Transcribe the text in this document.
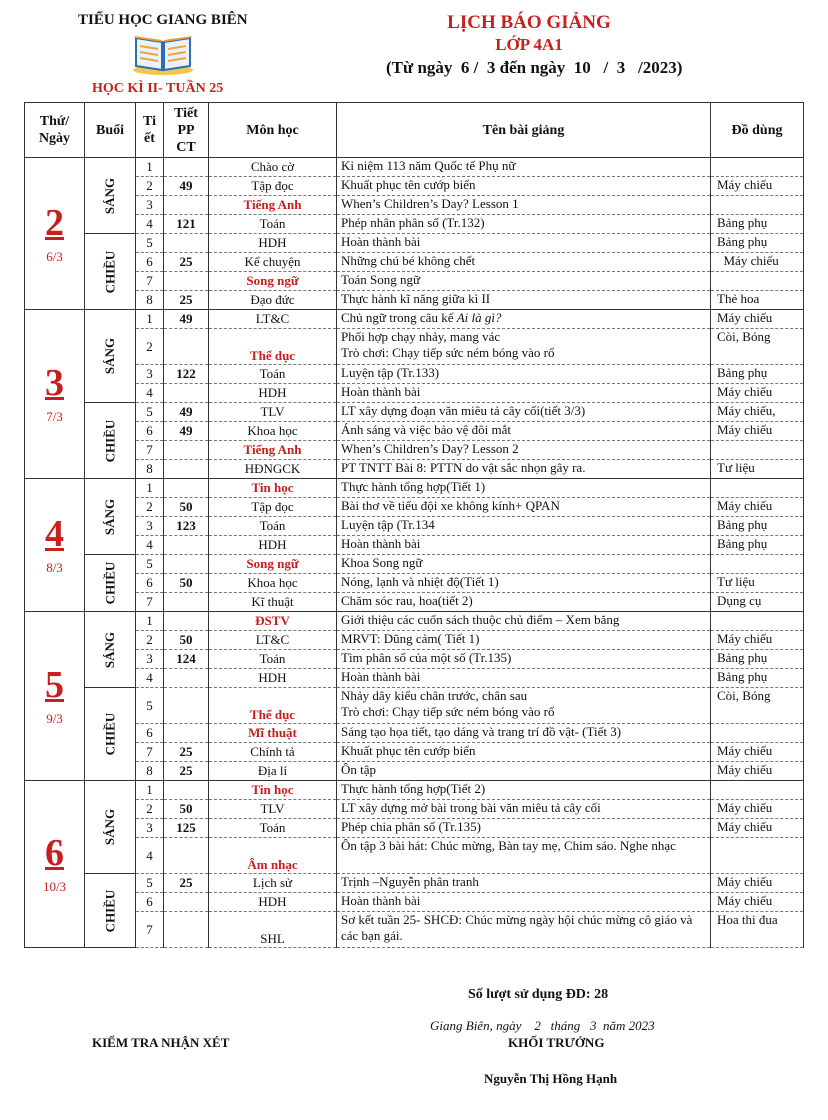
TIỂU HỌC GIANG BIÊN
HỌC KÌ II- TUẦN 25
LỊCH BÁO GIẢNG
LỚP 4A1
(Từ ngày  6 /  3 đến ngày  10   /  3   /2023)
Thứ/ Ngày	Buổi	Ti ết	Tiết PP CT	Môn học	Tên bài giảng	Đồ dùng

2
6/3	SÁNG	1		Chào cờ	Kỉ niệm 113 năm Quốc tế Phụ nữ	
		2	49	Tập đọc	Khuất phục tên cướp biển	Máy chiếu
		3		Tiếng Anh	When’s Children’s Day? Lesson 1	
		4	121	Toán	Phép nhân phân số (Tr.132)	Bảng phụ
	CHIỀU	5		HDH	Hoàn thành bài	Bảng phụ
		6	25	Kể chuyện	Những chú bé không chết	Máy chiếu
		7		Song ngữ	Toán Song ngữ	
		8	25	Đạo đức	Thực hành kĩ năng giữa kì II	Thẻ hoa

3
7/3	SÁNG	1	49	LT&C	Chủ ngữ trong câu kể Ai là gì?	Máy chiếu
		2		Thể dục	Phối hợp chạy nhảy, mang vác
Trò chơi: Chạy tiếp sức ném bóng vào rổ	Còi, Bóng
		3	122	Toán	Luyện tập (Tr.133)	Bảng phụ
		4		HDH	Hoàn thành bài	Máy chiếu
	CHIỀU	5	49	TLV	LT xây dựng đoạn văn miêu tả cây cối(tiết 3/3)	Máy chiếu,
		6	49	Khoa học	Ánh sáng và việc bảo vệ đôi mắt	Máy chiếu
		7		Tiếng Anh	When’s Children’s Day? Lesson 2	
		8		HĐNGCK	PT TNTT Bài 8: PTTN do vật sắc nhọn gây ra.	Tư liệu

4
8/3	SÁNG	1		Tin học	Thực hành tổng hợp(Tiết 1)	
		2	50	Tập đọc	Bài thơ về tiểu đội xe không kính+ QPAN	Máy chiếu
		3	123	Toán	Luyện tập (Tr.134	Bảng phụ
		4		HDH	Hoàn thành bài	Bảng phụ
	CHIỀU	5		Song ngữ	Khoa Song ngữ	
		6	50	Khoa học	Nóng, lạnh và nhiệt độ(Tiết 1)	Tư liệu
		7		Kĩ thuật	Chăm sóc rau, hoa(tiết 2)	Dụng cụ

5
9/3	SÁNG	1		ĐSTV	Giới thiệu các cuốn sách thuộc chủ điểm – Xem băng	
		2	50	LT&C	MRVT: Dũng cảm( Tiết 1)	Máy chiếu
		3	124	Toán	Tìm phân số của một số (Tr.135)	Bảng phụ
		4		HDH	Hoàn thành bài	Bảng phụ
	CHIỀU	5		Thể dục	Nhảy dây kiểu chân trước, chân sau
Trò chơi: Chạy tiếp sức ném bóng vào rổ	Còi, Bóng
		6		Mĩ thuật	Sáng tạo họa tiết, tạo dáng và trang trí đồ vật- (Tiết 3)	
		7	25	Chính tả	Khuất phục tên cướp biển	Máy chiếu
		8	25	Địa lí	Ôn tập	Máy chiếu

6
10/3	SÁNG	1		Tin học	Thực hành tổng hợp(Tiết 2)	
		2	50	TLV	LT xây dựng mở bài trong bài văn miêu tả cây cối	Máy chiếu
		3	125	Toán	Phép chia phân số (Tr.135)	Máy chiếu
		4		Âm nhạc	Ôn tập 3 bài hát: Chúc mừng, Bàn tay mẹ, Chim sáo. Nghe nhạc	
	CHIỀU	5	25	Lịch sử	Trịnh –Nguyễn phân tranh	Máy chiếu
		6		HDH	Hoàn thành bài	Máy chiếu
		7		SHL	Sơ kết tuần 25- SHCĐ: Chúc mừng ngày hội chúc mừng cô giáo và các bạn gái.	Hoa thi đua
Số lượt sử dụng ĐD: 28
Giang Biên, ngày    2   tháng   3  năm 2023
KIỂM TRA NHẬN XÉT	KHỐI TRƯỞNG
Nguyễn Thị Hồng Hạnh
